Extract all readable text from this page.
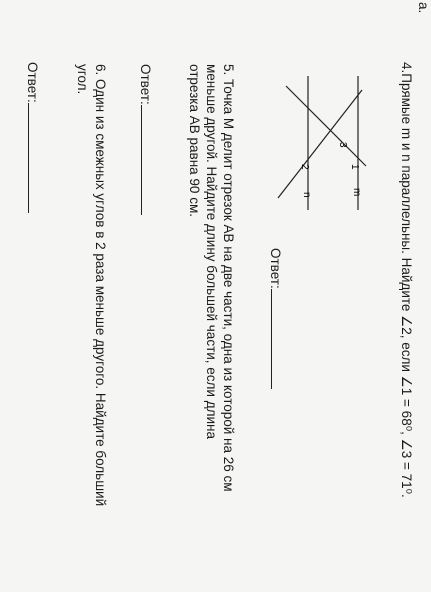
а.
4.Прямые m и n параллельны. Найдите ∠2, если ∠1 = 68⁰, ∠3 = 71⁰.
m
n
1
2
3
Ответ:
5. Точка M делит отрезок AB на две части, одна из которой на 26 см
меньше другой. Найдите длину большей части, если длина
отрезка AB равна 90 см.
Ответ:
6. Один из смежных углов в 2 раза меньше другого. Найдите больший
угол.
Ответ:
